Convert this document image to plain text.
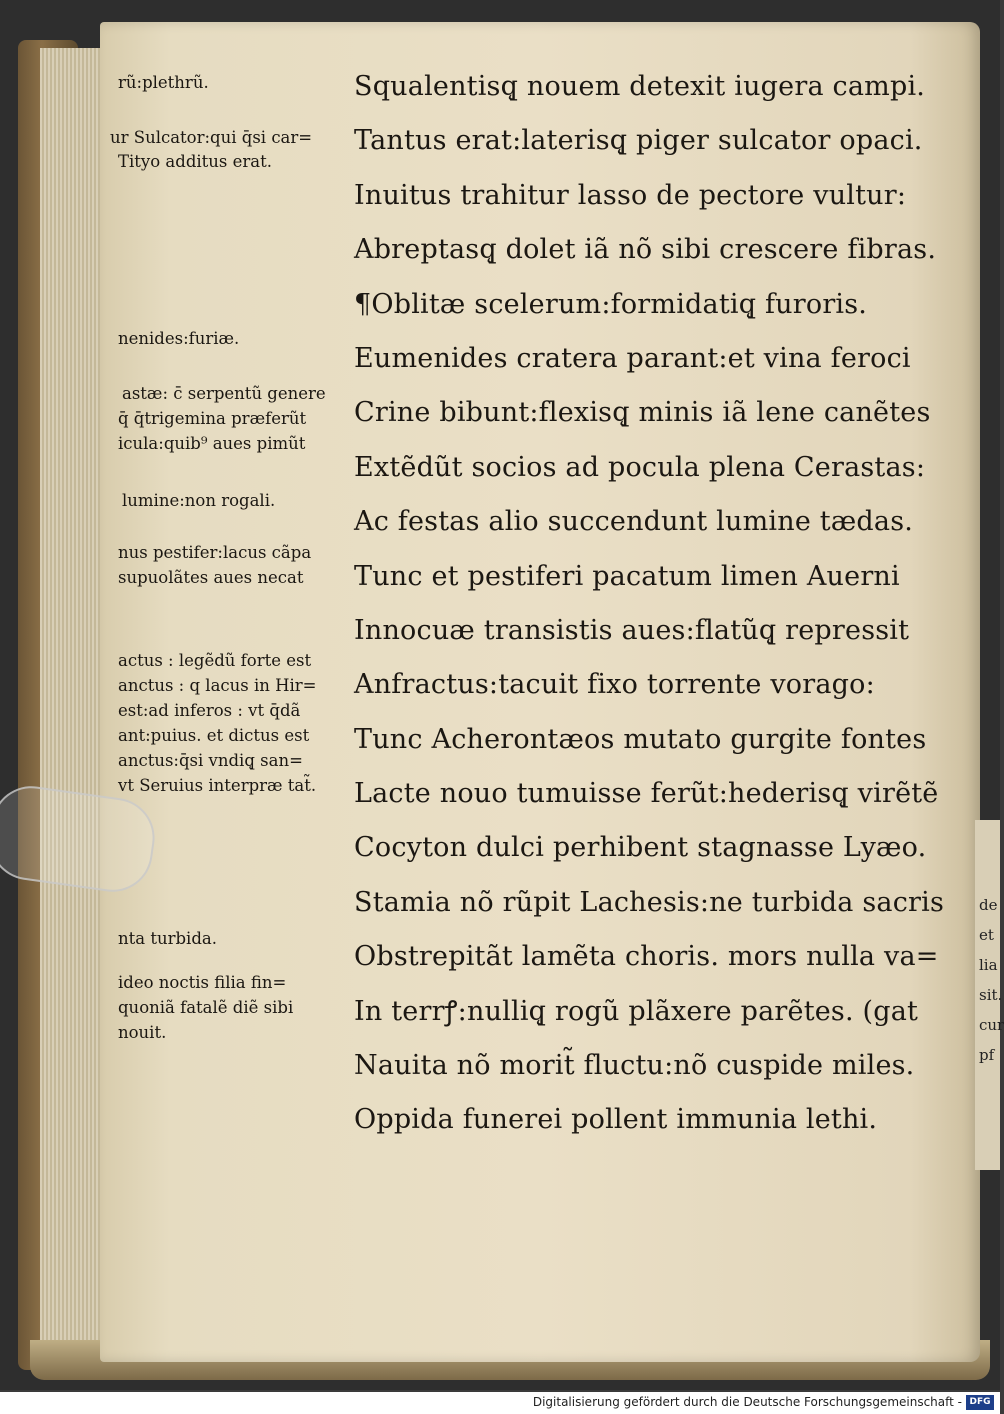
de
et
lia
sit.
cur
pf
Squalentisq̨ nouem detexit iugera campi.
Tantus erat:laterisq̨ piger sulcator opaci.
Inuitus trahitur lasso de pectore vultur:
Abreptasq̨ dolet iã nõ sibi crescere fibras.
¶Oblitæ scelerum:formidatiq̨ furoris.
Eumenides cratera parant:et vina feroci
Crine bibunt:flexisq̨ minis iã lene canẽtes
Extẽdũt socios ad pocula plena Cerastas:
Ac festas alio succendunt lumine tædas.
Tunc et pestiferi pacatum limen Auerni
Innocuæ transistis aues:flatũq̨ repressit
Anfractus:tacuit fixo torrente vorago:
Tunc Acherontæos mutato gurgite fontes
Lacte nouo tumuisse ferũt:hederisq̨ virẽtẽ
Cocyton dulci perhibent stagnasse Lyæo.
Stamia nõ rũpit Lachesis:ne turbida sacris
Obstrepitãt lamẽta choris. mors nulla va=
In terrꝭ:nulliq̨ rogũ plãxere parẽtes. (gat
Nauita nõ morit̃ fluctu:nõ cuspide miles.
Oppida funerei pollent immunia lethi.
rũ:plethrũ.
ur Sulcator:qui q̄si car=
Tityo additus erat.
nenides:furiæ.
astæ: c̄ serpentũ genere
q̄ q̄trigemina præferũt
icula:quib⁹ aues pimũt
lumine:non rogali.
nus pestifer:lacus cãpa
supuolãtes aues necat
actus : legẽdũ forte est
anctus : q lacus in Hir=
est:ad inferos : vt q̄dã
ant:puius. et dictus est
anctus:q̄si vndiq̨ san=
vt Seruius interpræ tat̃.
nta turbida.
ideo noctis filia fin=
quoniã fatalẽ diẽ sibi
nouit.
Digitalisierung gefördert durch die Deutsche Forschungsgemeinschaft - DFG
